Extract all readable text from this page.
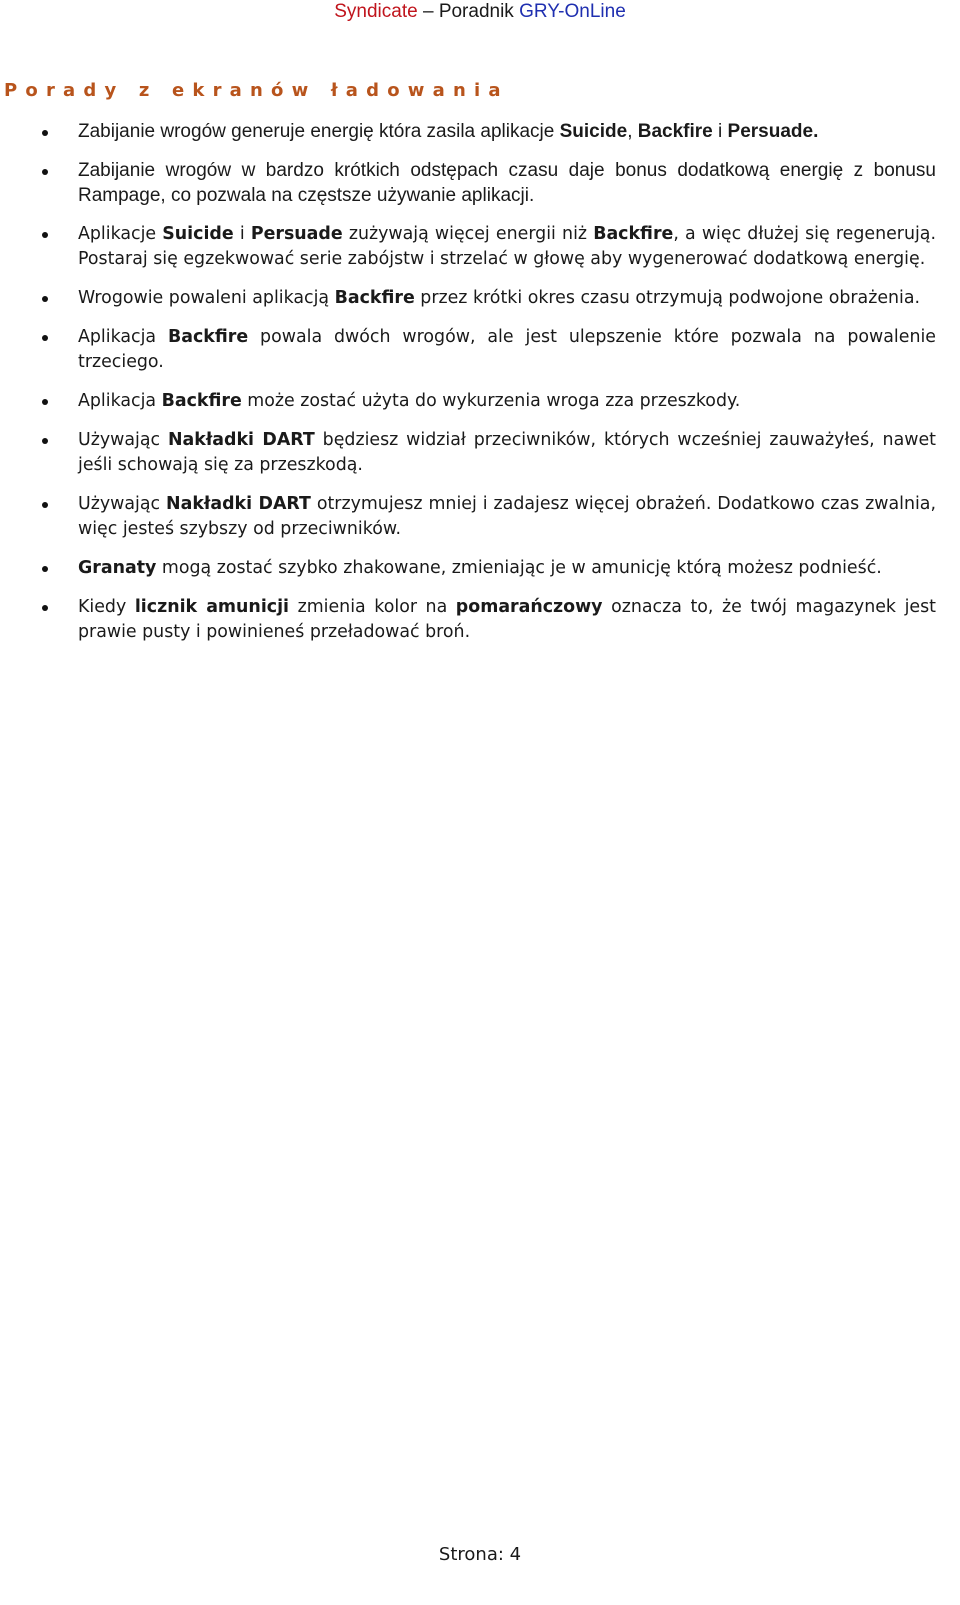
Syndicate – Poradnik GRY-OnLine
Porady z ekranów ładowania
Zabijanie wrogów generuje energię która zasila aplikacje Suicide, Backfire i Persuade.
Zabijanie wrogów w bardzo krótkich odstępach czasu daje bonus dodatkową energię z bonusu Rampage, co pozwala na częstsze używanie aplikacji.
Aplikacje Suicide i Persuade zużywają więcej energii niż Backfire, a więc dłużej się regenerują. Postaraj się egzekwować serie zabójstw i strzelać w głowę aby wygenerować dodatkową energię.
Wrogowie powaleni aplikacją Backfire przez krótki okres czasu otrzymują podwojone obrażenia.
Aplikacja Backfire powala dwóch wrogów, ale jest ulepszenie które pozwala na powalenie trzeciego.
Aplikacja Backfire może zostać użyta do wykurzenia wroga zza przeszkody.
Używając Nakładki DART będziesz widział przeciwników, których wcześniej zauważyłeś, nawet jeśli schowają się za przeszkodą.
Używając Nakładki DART otrzymujesz mniej i zadajesz więcej obrażeń. Dodatkowo czas zwalnia, więc jesteś szybszy od przeciwników.
Granaty mogą zostać szybko zhakowane, zmieniając je w amunicję którą możesz podnieść.
Kiedy licznik amunicji zmienia kolor na pomarańczowy oznacza to, że twój magazynek jest prawie pusty i powinieneś przeładować broń.
Strona: 4
